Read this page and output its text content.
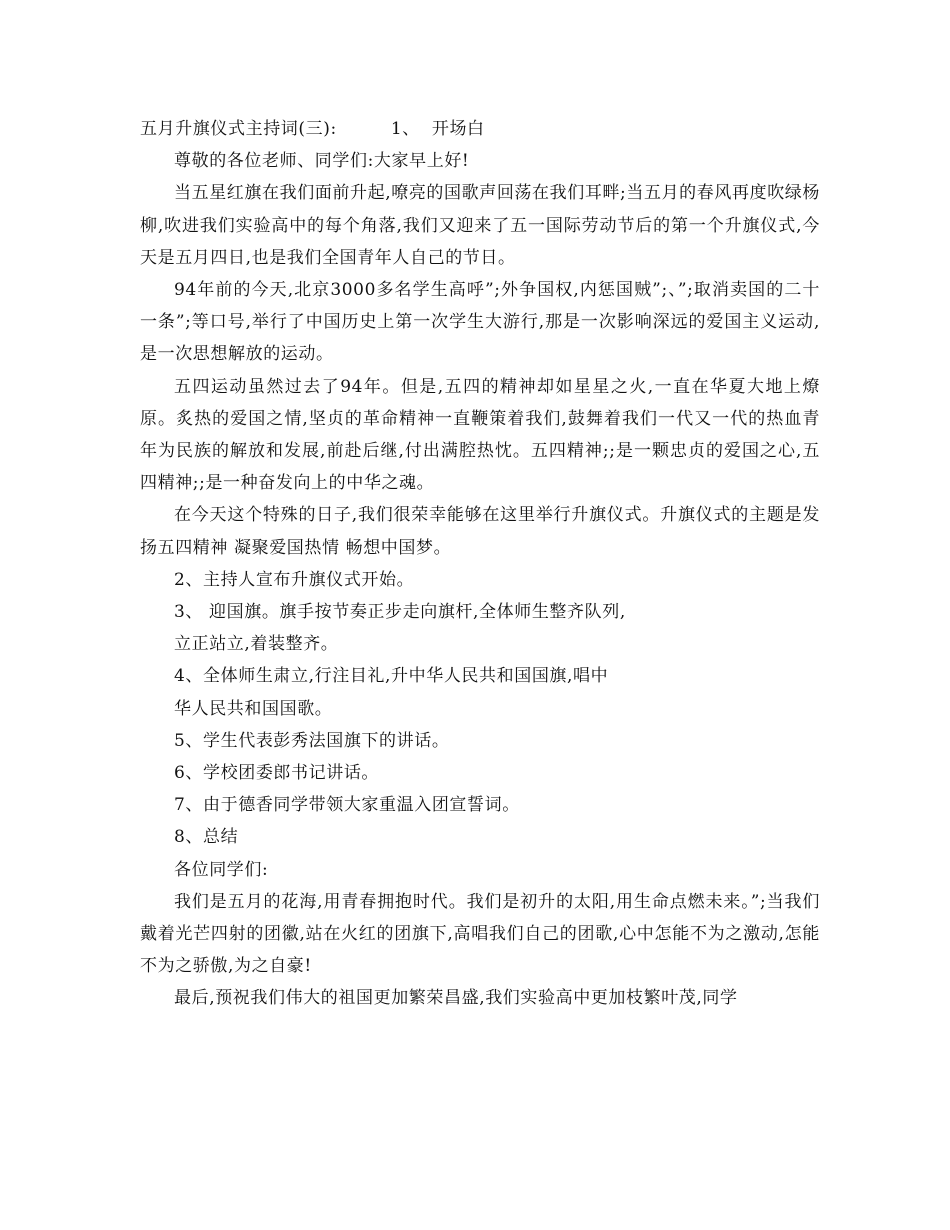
五月升旗仪式主持词(三):         1、  开场白

尊敬的各位老师、同学们:大家早上好!

当五星红旗在我们面前升起,嘹亮的国歌声回荡在我们耳畔;当五月的春风再度吹绿杨柳,吹进我们实验高中的每个角落,我们又迎来了五一国际劳动节后的第一个升旗仪式,今天是五月四日,也是我们全国青年人自己的节日。

94年前的今天,北京3000多名学生高呼”;外争国权,内惩国贼”;、”;取消卖国的二十一条”;等口号,举行了中国历史上第一次学生大游行,那是一次影响深远的爱国主义运动,是一次思想解放的运动。

五四运动虽然过去了94年。但是,五四的精神却如星星之火,一直在华夏大地上燎原。炙热的爱国之情,坚贞的革命精神一直鞭策着我们,鼓舞着我们一代又一代的热血青年为民族的解放和发展,前赴后继,付出满腔热忱。五四精神;;是一颗忠贞的爱国之心,五四精神;;是一种奋发向上的中华之魂。

在今天这个特殊的日子,我们很荣幸能够在这里举行升旗仪式。升旗仪式的主题是发扬五四精神 凝聚爱国热情 畅想中国梦。

2、主持人宣布升旗仪式开始。

3、 迎国旗。旗手按节奏正步走向旗杆,全体师生整齐队列,

立正站立,着装整齐。

4、全体师生肃立,行注目礼,升中华人民共和国国旗,唱中

华人民共和国国歌。

5、学生代表彭秀法国旗下的讲话。

6、学校团委郎书记讲话。

7、由于德香同学带领大家重温入团宣誓词。

8、总结

各位同学们:

我们是五月的花海,用青春拥抱时代。我们是初升的太阳,用生命点燃未来。”;当我们戴着光芒四射的团徽,站在火红的团旗下,高唱我们自己的团歌,心中怎能不为之激动,怎能不为之骄傲,为之自豪!

最后,预祝我们伟大的祖国更加繁荣昌盛,我们实验高中更加枝繁叶茂,同学
